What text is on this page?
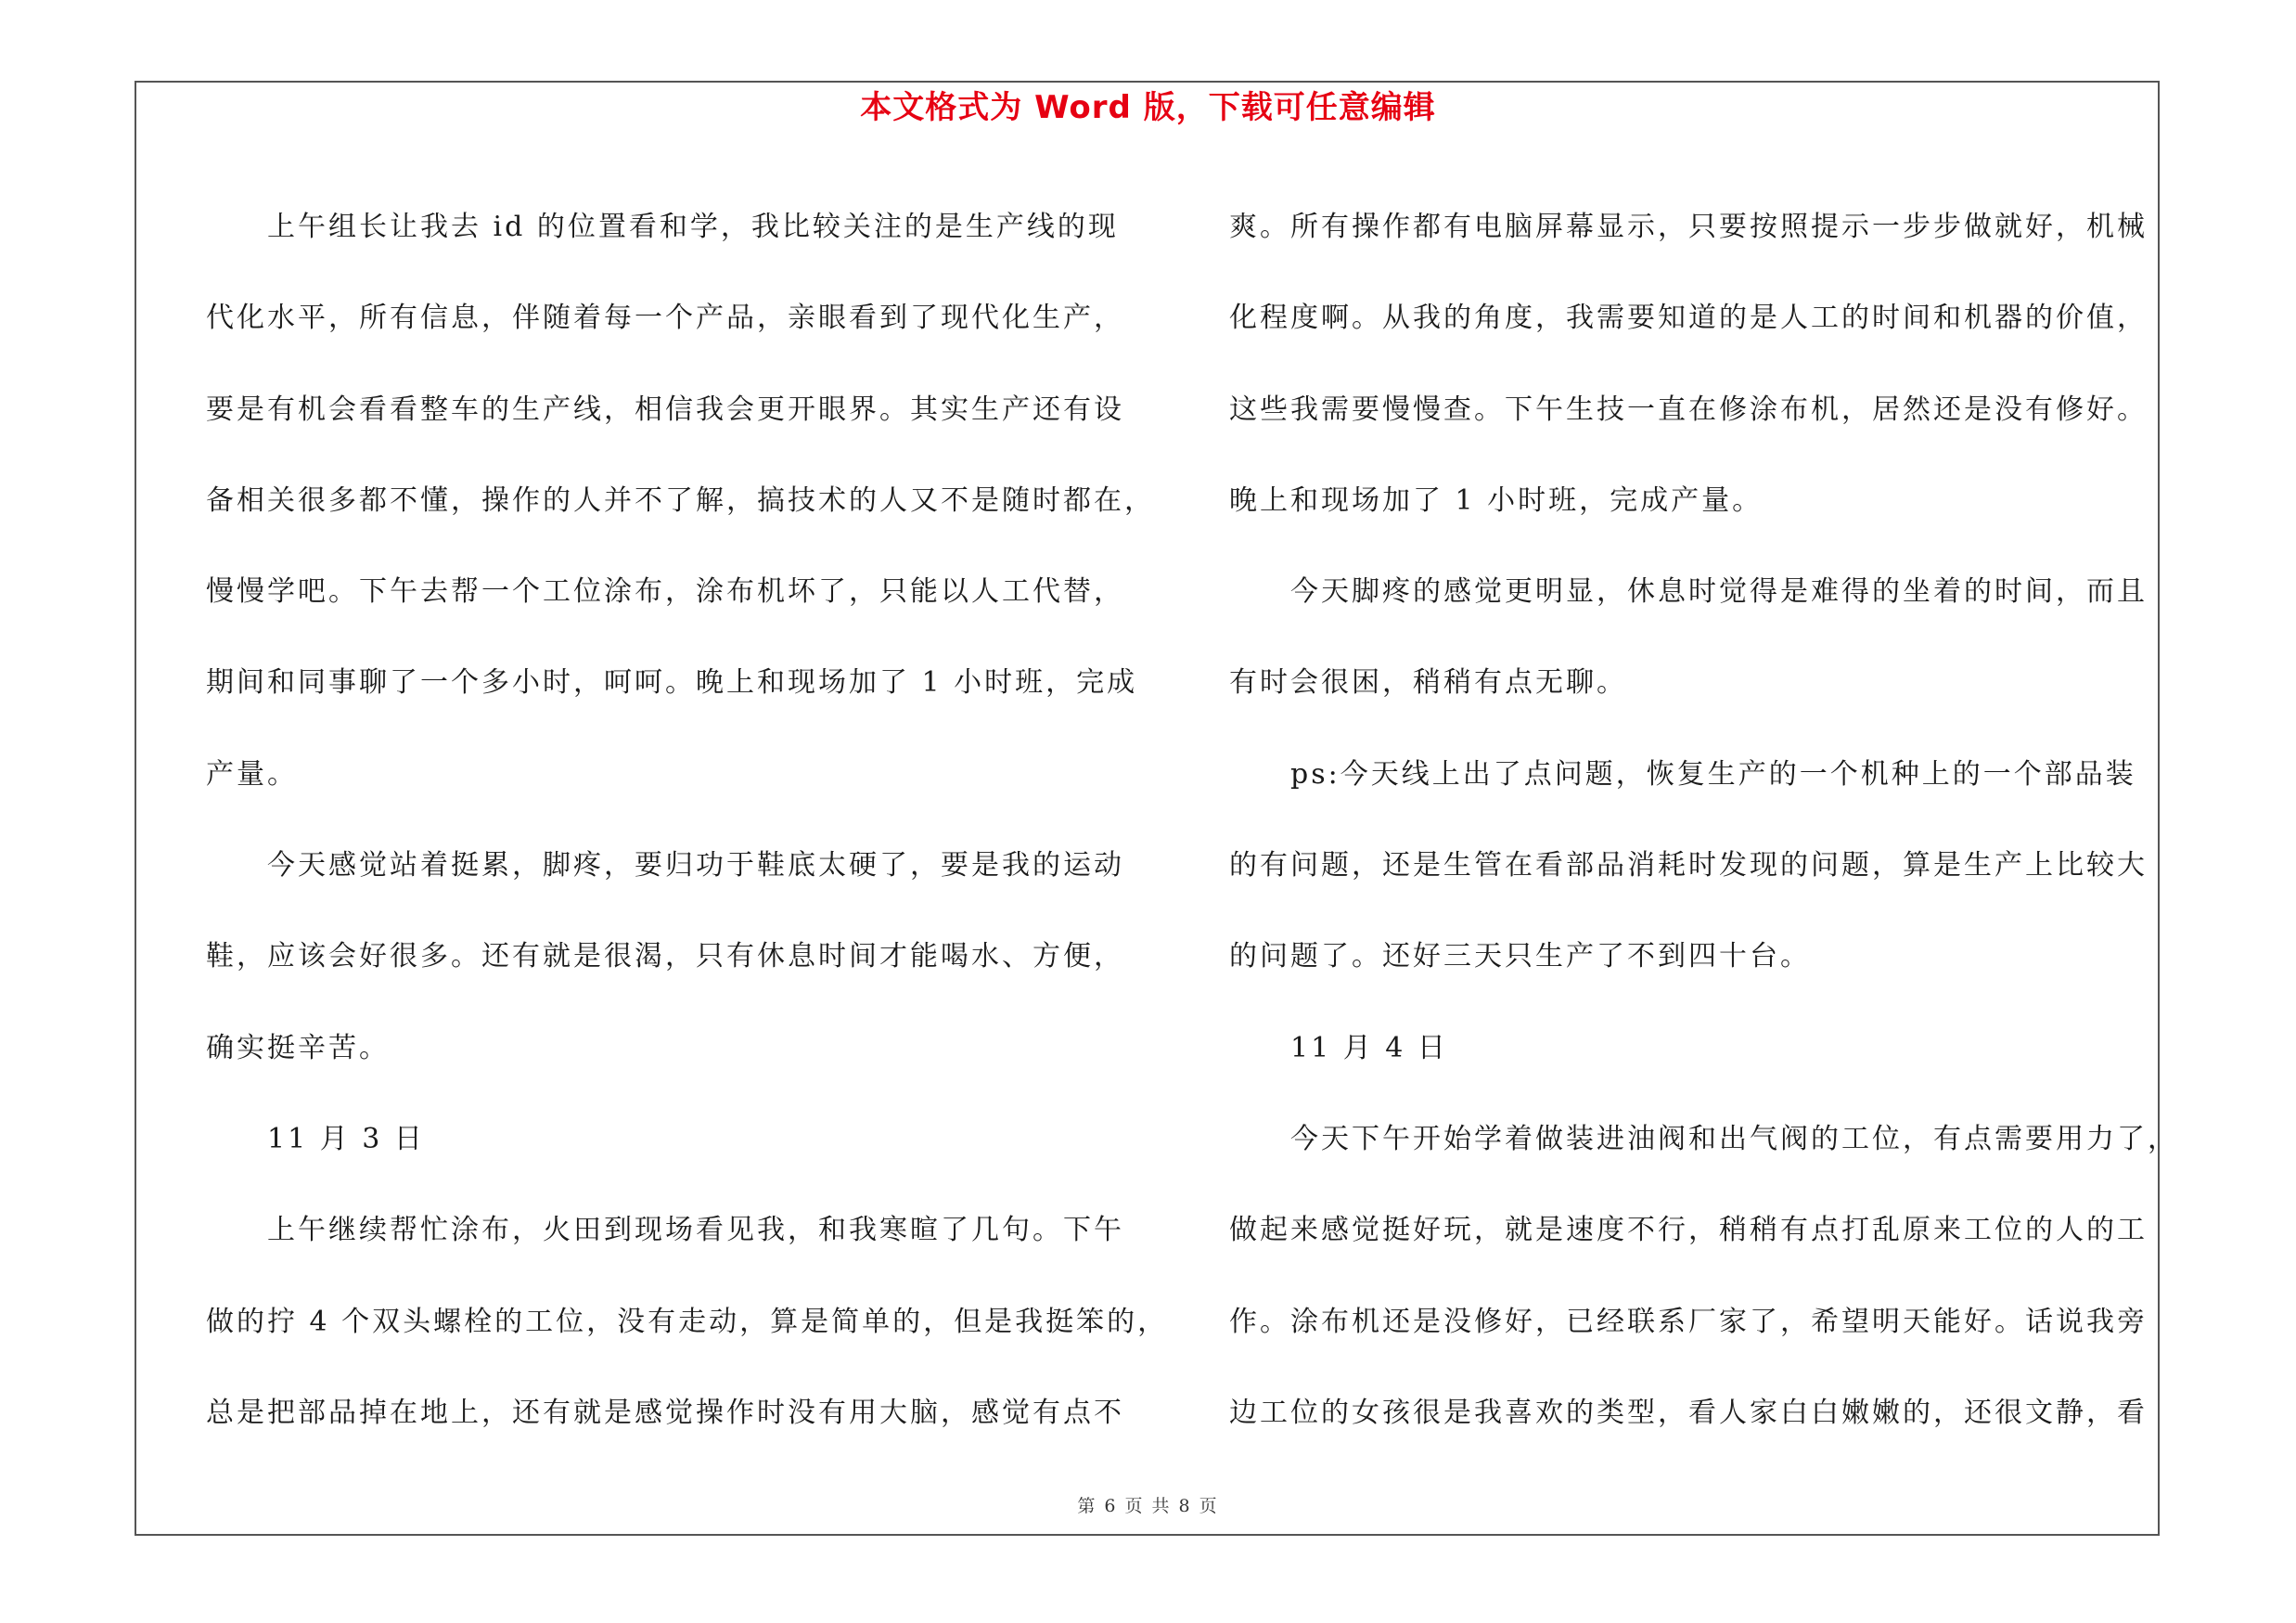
本文格式为 Word 版，下载可任意编辑
上午组长让我去 id 的位置看和学，我比较关注的是生产线的现
代化水平，所有信息，伴随着每一个产品，亲眼看到了现代化生产，
要是有机会看看整车的生产线，相信我会更开眼界。其实生产还有设
备相关很多都不懂，操作的人并不了解，搞技术的人又不是随时都在，
慢慢学吧。下午去帮一个工位涂布，涂布机坏了，只能以人工代替，
期间和同事聊了一个多小时，呵呵。晚上和现场加了 1 小时班，完成
产量。
今天感觉站着挺累，脚疼，要归功于鞋底太硬了，要是我的运动
鞋，应该会好很多。还有就是很渴，只有休息时间才能喝水、方便，
确实挺辛苦。
11 月 3 日
上午继续帮忙涂布，火田到现场看见我，和我寒暄了几句。下午
做的拧 4 个双头螺栓的工位，没有走动，算是简单的，但是我挺笨的，
总是把部品掉在地上，还有就是感觉操作时没有用大脑，感觉有点不
爽。所有操作都有电脑屏幕显示，只要按照提示一步步做就好，机械
化程度啊。从我的角度，我需要知道的是人工的时间和机器的价值，
这些我需要慢慢查。下午生技一直在修涂布机，居然还是没有修好。
晚上和现场加了 1 小时班，完成产量。
今天脚疼的感觉更明显，休息时觉得是难得的坐着的时间，而且
有时会很困，稍稍有点无聊。
ps:今天线上出了点问题，恢复生产的一个机种上的一个部品装
的有问题，还是生管在看部品消耗时发现的问题，算是生产上比较大
的问题了。还好三天只生产了不到四十台。
11 月 4 日
今天下午开始学着做装进油阀和出气阀的工位，有点需要用力了，
做起来感觉挺好玩，就是速度不行，稍稍有点打乱原来工位的人的工
作。涂布机还是没修好，已经联系厂家了，希望明天能好。话说我旁
边工位的女孩很是我喜欢的类型，看人家白白嫩嫩的，还很文静，看
第 6 页 共 8 页
